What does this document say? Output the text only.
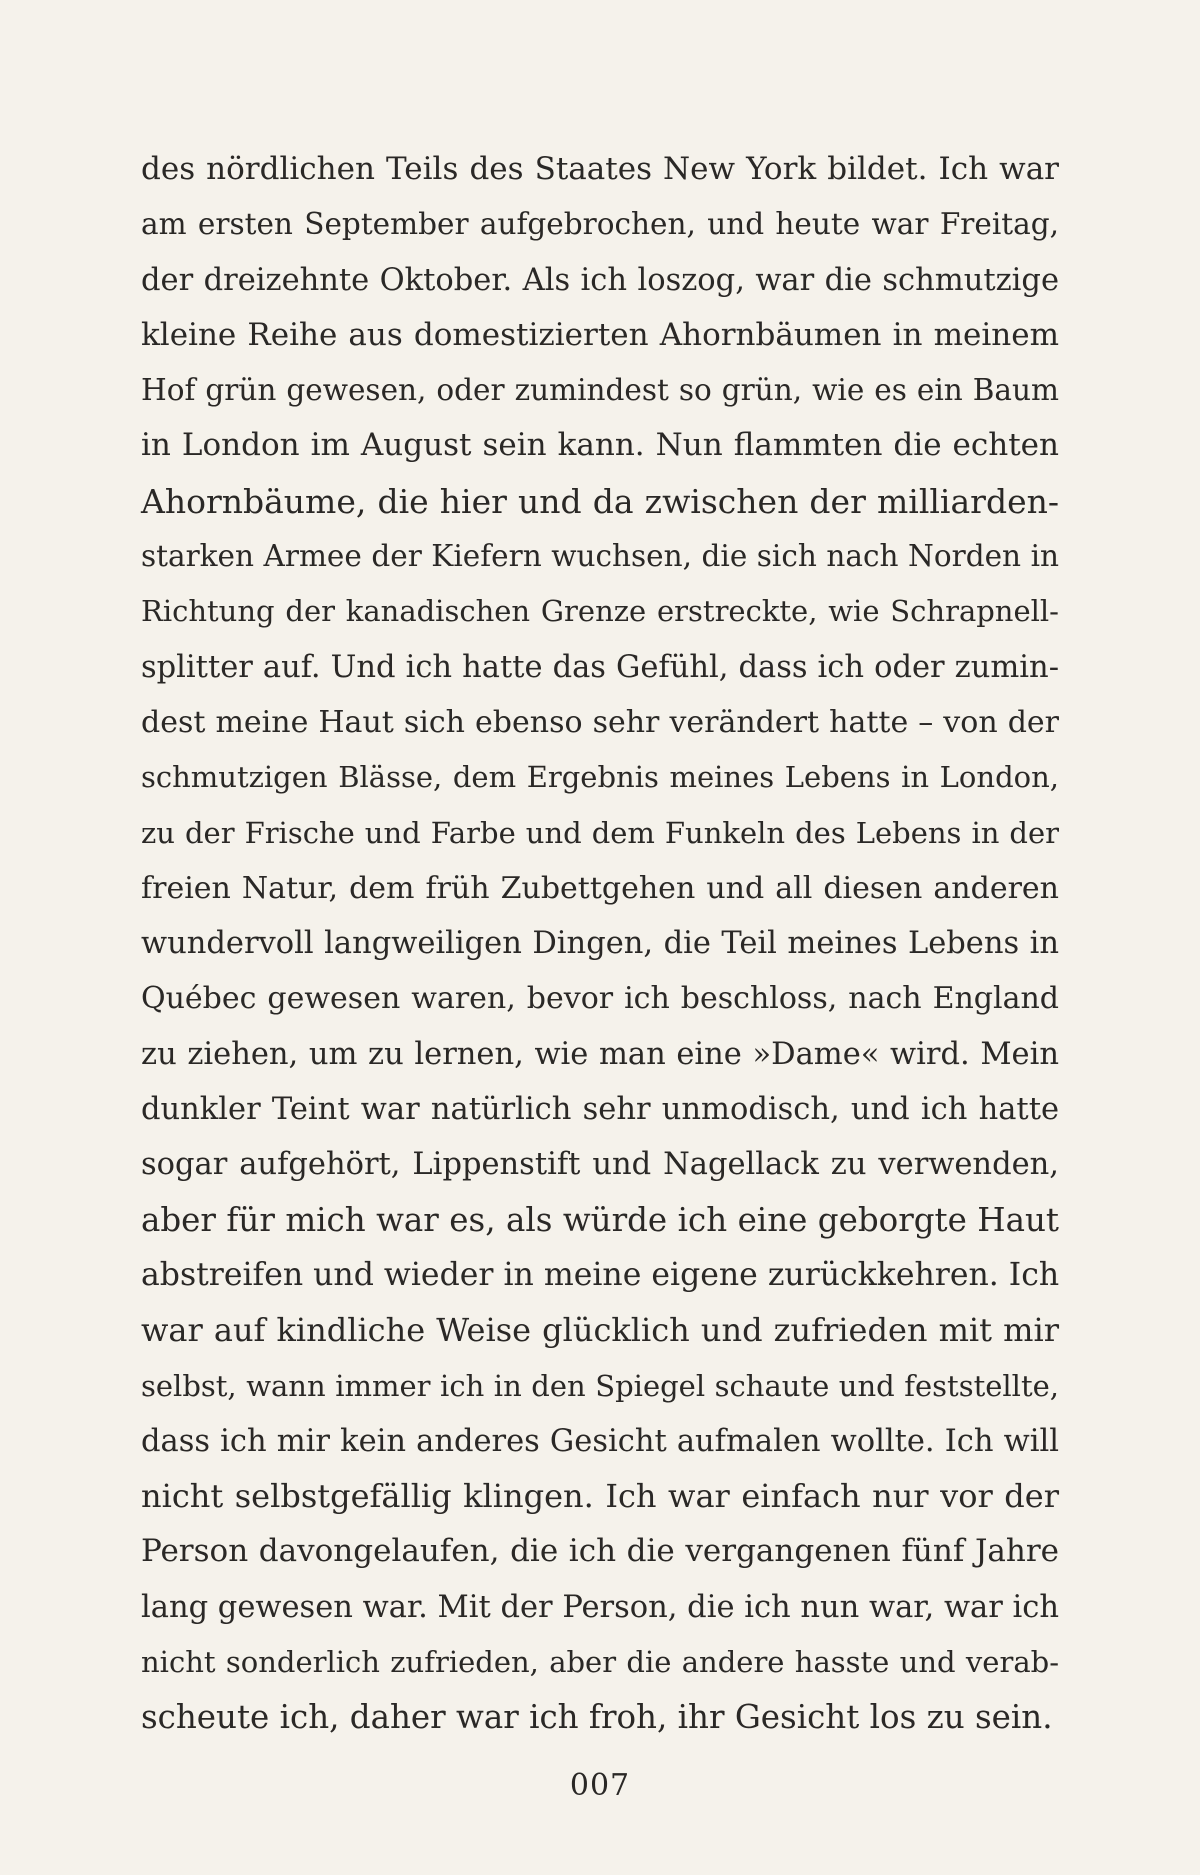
des nördlichen Teils des Staates New York bildet. Ich war
am ersten September aufgebrochen, und heute war Freitag,
der dreizehnte Oktober. Als ich loszog, war die schmutzige
kleine Reihe aus domestizierten Ahornbäumen in meinem
Hof grün gewesen, oder zumindest so grün, wie es ein Baum
in London im August sein kann. Nun flammten die echten
Ahornbäume, die hier und da zwischen der milliarden-
starken Armee der Kiefern wuchsen, die sich nach Norden in
Richtung der kanadischen Grenze erstreckte, wie Schrapnell-
splitter auf. Und ich hatte das Gefühl, dass ich oder zumin-
dest meine Haut sich ebenso sehr verändert hatte – von der
schmutzigen Blässe, dem Ergebnis meines Lebens in London,
zu der Frische und Farbe und dem Funkeln des Lebens in der
freien Natur, dem früh Zubettgehen und all diesen anderen
wundervoll langweiligen Dingen, die Teil meines Lebens in
Québec gewesen waren, bevor ich beschloss, nach England
zu ziehen, um zu lernen, wie man eine »Dame« wird. Mein
dunkler Teint war natürlich sehr unmodisch, und ich hatte
sogar aufgehört, Lippenstift und Nagellack zu verwenden,
aber für mich war es, als würde ich eine geborgte Haut
abstreifen und wieder in meine eigene zurückkehren. Ich
war auf kindliche Weise glücklich und zufrieden mit mir
selbst, wann immer ich in den Spiegel schaute und feststellte,
dass ich mir kein anderes Gesicht aufmalen wollte. Ich will
nicht selbstgefällig klingen. Ich war einfach nur vor der
Person davongelaufen, die ich die vergangenen fünf Jahre
lang gewesen war. Mit der Person, die ich nun war, war ich
nicht sonderlich zufrieden, aber die andere hasste und verab-
scheute ich, daher war ich froh, ihr Gesicht los zu sein.
007
